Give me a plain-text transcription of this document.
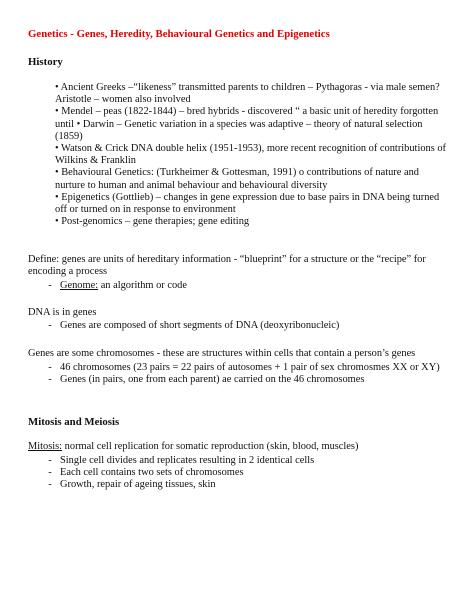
Genetics - Genes, Heredity, Behavioural Genetics and Epigenetics
History

• Ancient Greeks –“likeness” transmitted parents to children – Pythagoras - via male semen? Aristotle – women also involved

• Mendel – peas (1822-1844) – bred hybrids - discovered “ a basic unit of heredity forgotten until • Darwin – Genetic variation in a species was adaptive – theory of natural selection (1859)

• Watson & Crick DNA double helix (1951-1953), more recent recognition of contributions of Wilkins & Franklin

• Behavioural Genetics: (Turkheimer & Gottesman, 1991) o contributions of nature and nurture to human and animal behaviour and behavioural diversity

• Epigenetics (Gottlieb) – changes in gene expression due to base pairs in DNA being turned off or turned on in response to environment

• Post-genomics – gene therapies; gene editing

Define: genes are units of hereditary information - “blueprint” for a structure or the “recipe” for encoding a process
- Genome: an algorithm or code
DNA is in genes
- Genes are composed of short segments of DNA (deoxyribonucleic)
Genes are some chromosomes - these are structures within cells that contain a person’s genes
- 46 chromosomes (23 pairs = 22 pairs of autosomes + 1 pair of sex chromosmes XX or XY)
- Genes (in pairs, one from each parent) ae carried on the 46 chromosomes
Mitosis and Meiosis
Mitosis: normal cell replication for somatic reproduction (skin, blood, muscles)
- Single cell divides and replicates resulting in 2 identical cells
- Each cell contains two sets of chromosomes
- Growth, repair of ageing tissues, skin
